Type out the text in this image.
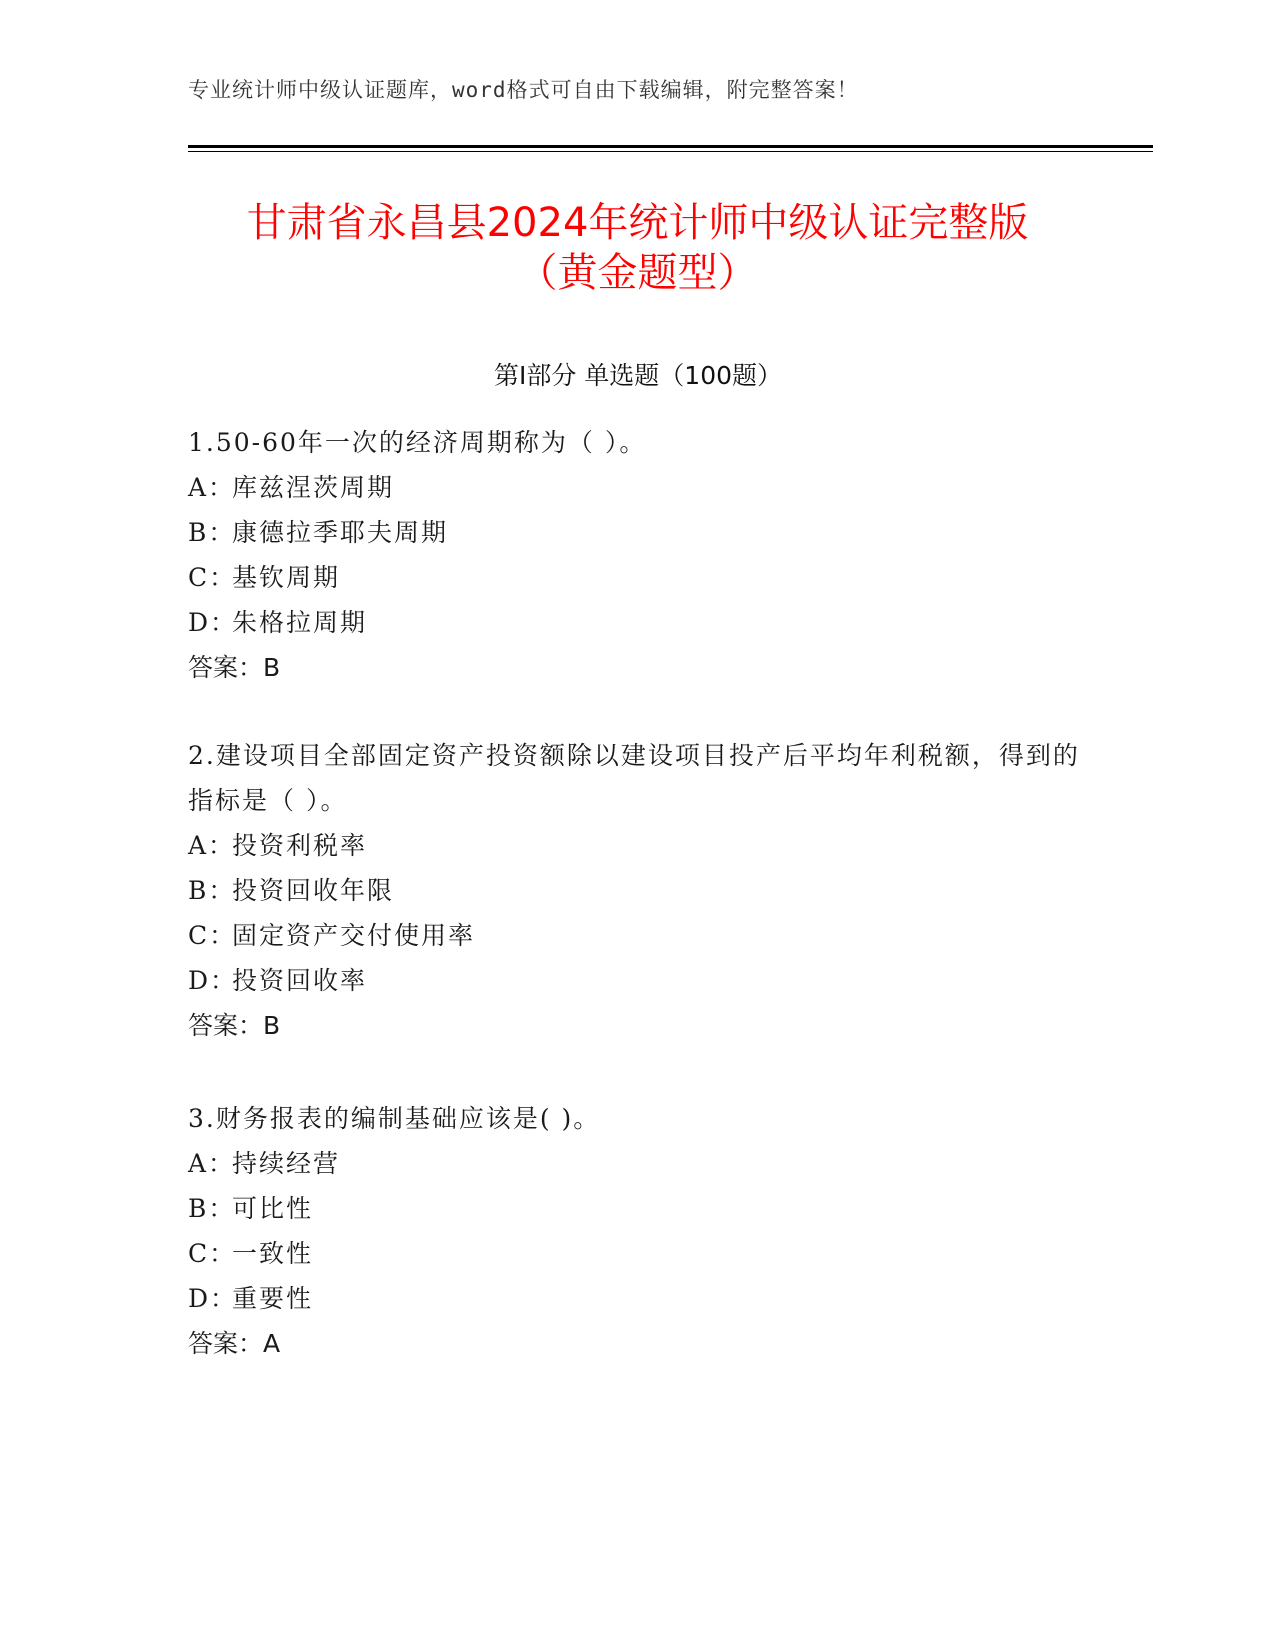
专业统计师中级认证题库，word格式可自由下载编辑，附完整答案！
甘肃省永昌县2024年统计师中级认证完整版
（黄金题型）
第Ⅰ部分 单选题（100题）

1.50-60年一次的经济周期称为（ ）。

A：库兹涅茨周期

B：康德拉季耶夫周期

C：基钦周期

D：朱格拉周期

答案：B

2.建设项目全部固定资产投资额除以建设项目投产后平均年利税额，得到的指标是（ ）。

A：投资利税率

B：投资回收年限

C：固定资产交付使用率

D：投资回收率

答案：B

3.财务报表的编制基础应该是( )。

A：持续经营

B：可比性

C：一致性

D：重要性

答案：A
